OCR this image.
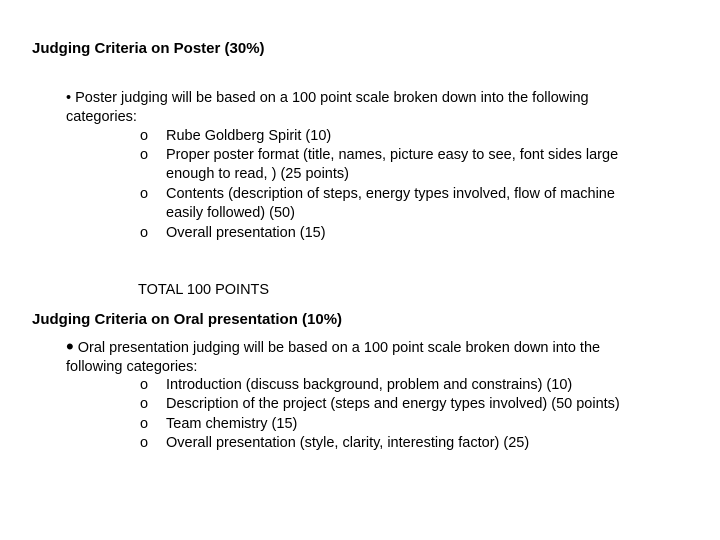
Judging Criteria on Poster (30%)
• Poster judging will be based on a 100 point scale broken down into the following
categories:
o Rube Goldberg Spirit (10)
o Proper poster format (title, names, picture easy to see, font sides large
enough to read, ) (25 points)
o Contents (description of steps, energy types involved, flow of machine
easily followed) (50)
o Overall presentation (15)
TOTAL 100 POINTS
Judging Criteria on Oral presentation (10%)
• Oral presentation judging will be based on a 100 point scale broken down into the
following categories:
o Introduction (discuss background, problem and constrains) (10)
o Description of the project (steps and energy types involved) (50 points)
o Team chemistry (15)
o Overall presentation (style, clarity, interesting factor) (25)
